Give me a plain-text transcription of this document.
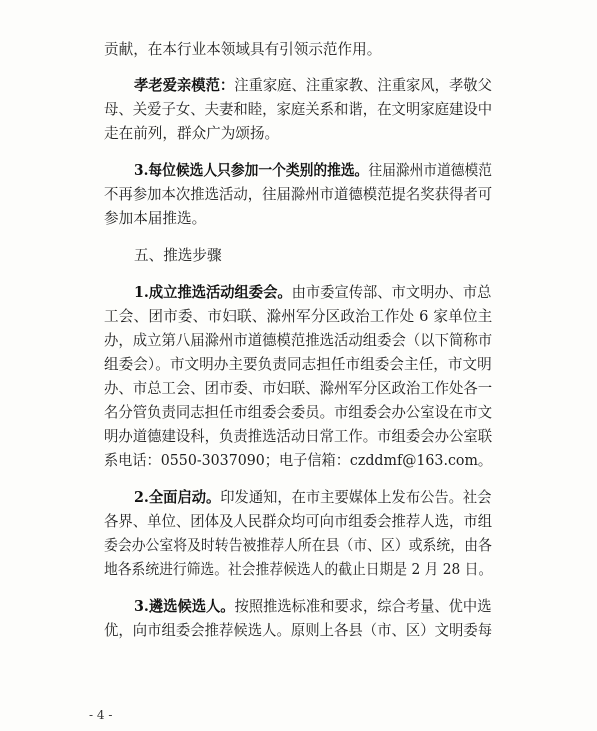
贡献，在本行业本领域具有引领示范作用。

孝老爱亲模范：注重家庭、注重家教、注重家风，孝敬父

母、关爱子女、夫妻和睦，家庭关系和谐，在文明家庭建设中

走在前列，群众广为颂扬。

3.每位候选人只参加一个类别的推选。往届滁州市道德模范

不再参加本次推选活动，往届滁州市道德模范提名奖获得者可

参加本届推选。

五、推选步骤

1.成立推选活动组委会。由市委宣传部、市文明办、市总

工会、团市委、市妇联、滁州军分区政治工作处 6 家单位主

办，成立第八届滁州市道德模范推选活动组委会（以下简称市

组委会）。市文明办主要负责同志担任市组委会主任，市文明

办、市总工会、团市委、市妇联、滁州军分区政治工作处各一

名分管负责同志担任市组委会委员。市组委会办公室设在市文

明办道德建设科，负责推选活动日常工作。市组委会办公室联

系电话：0550-3037090；电子信箱：czddmf@163.com。

2.全面启动。印发通知，在市主要媒体上发布公告。社会

各界、单位、团体及人民群众均可向市组委会推荐人选，市组

委会办公室将及时转告被推荐人所在县（市、区）或系统，由各

地各系统进行筛选。社会推荐候选人的截止日期是 2 月 28 日。

3.遴选候选人。按照推选标准和要求，综合考量、优中选

优，向市组委会推荐候选人。原则上各县（市、区）文明委每

- 4 -
